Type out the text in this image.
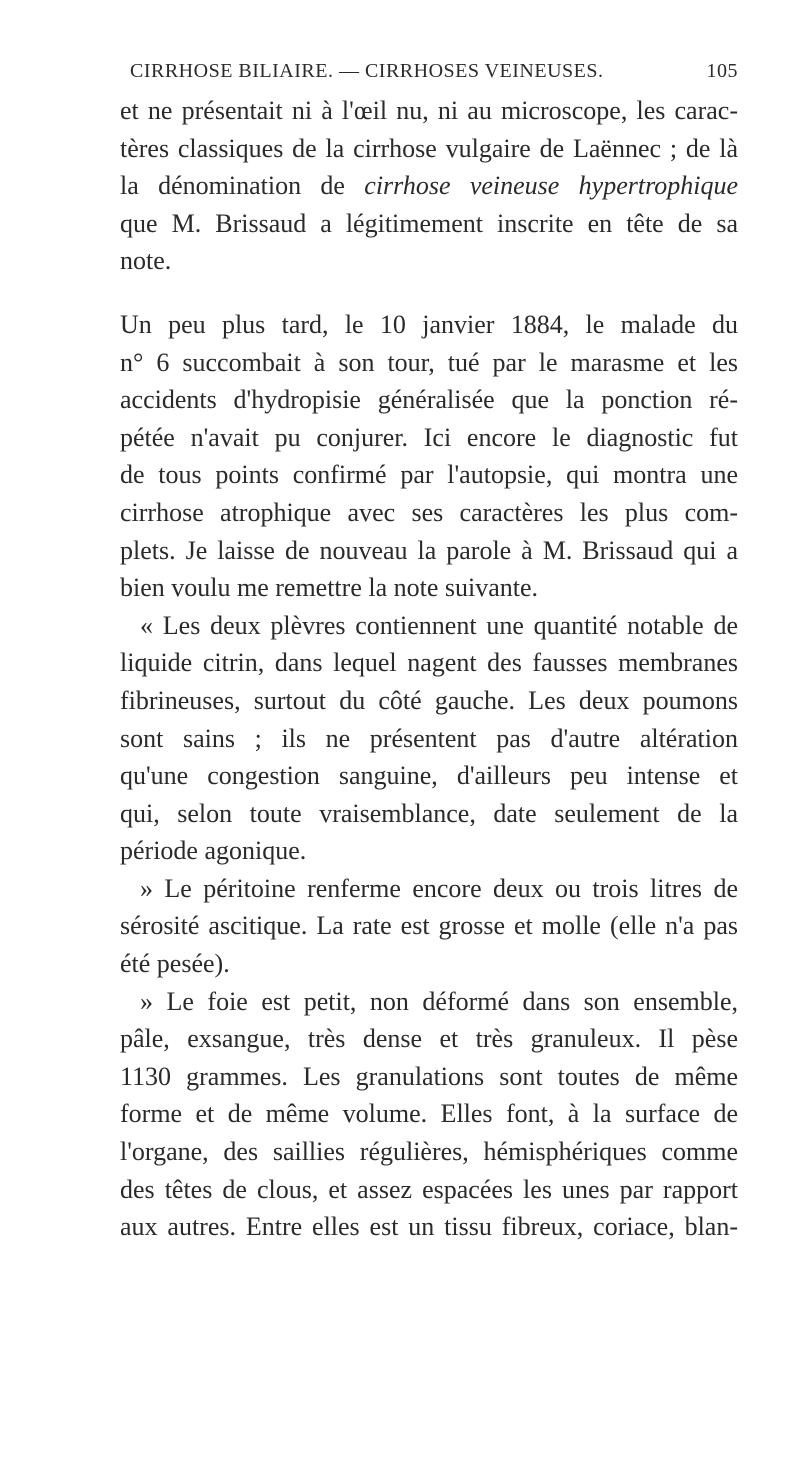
CIRRHOSE BILIAIRE. — CIRRHOSES VEINEUSES.	105
et ne présentait ni à l'œil nu, ni au microscope, les carac-
tères classiques de la cirrhose vulgaire de Laënnec ; de là
la dénomination de cirrhose veineuse hypertrophique
que M. Brissaud a légitimement inscrite en tête de sa
note.
Un peu plus tard, le 10 janvier 1884, le malade du
n° 6 succombait à son tour, tué par le marasme et les
accidents d'hydropisie généralisée que la ponction ré-
pétée n'avait pu conjurer. Ici encore le diagnostic fut
de tous points confirmé par l'autopsie, qui montra une
cirrhose atrophique avec ses caractères les plus com-
plets. Je laisse de nouveau la parole à M. Brissaud qui a
bien voulu me remettre la note suivante.
« Les deux plèvres contiennent une quantité notable de
liquide citrin, dans lequel nagent des fausses membranes
fibrineuses, surtout du côté gauche. Les deux poumons
sont sains ; ils ne présentent pas d'autre altération
qu'une congestion sanguine, d'ailleurs peu intense et
qui, selon toute vraisemblance, date seulement de la
période agonique.
» Le péritoine renferme encore deux ou trois litres de
sérosité ascitique. La rate est grosse et molle (elle n'a pas
été pesée).
» Le foie est petit, non déformé dans son ensemble,
pâle, exsangue, très dense et très granuleux. Il pèse
1130 grammes. Les granulations sont toutes de même
forme et de même volume. Elles font, à la surface de
l'organe, des saillies régulières, hémisphériques comme
des têtes de clous, et assez espacées les unes par rapport
aux autres. Entre elles est un tissu fibreux, coriace, blan-
